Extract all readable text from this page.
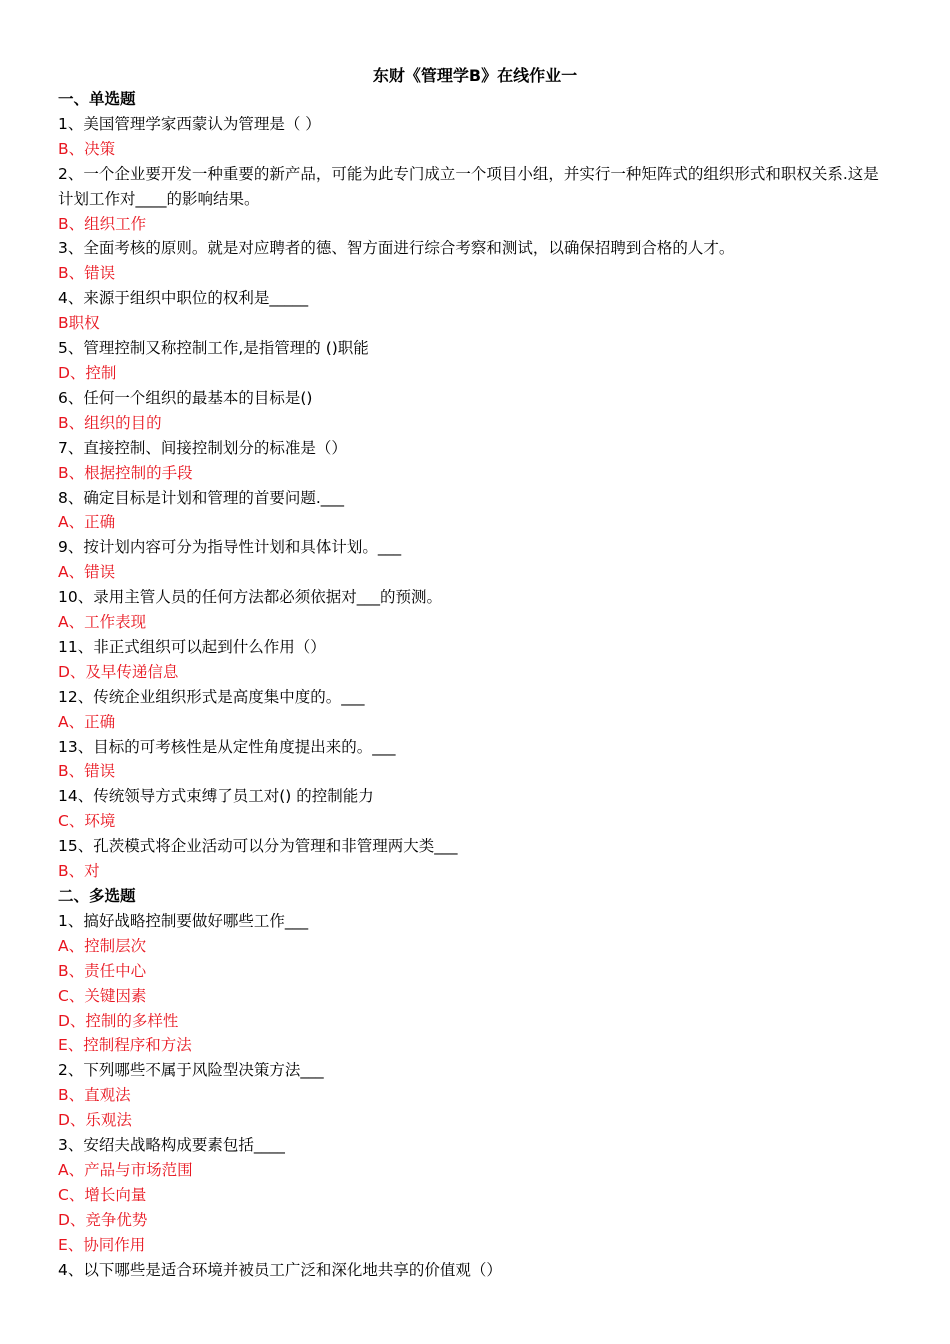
东财《管理学B》在线作业一
一、单选题
1、美国管理学家西蒙认为管理是（ ）
B、决策
2、一个企业要开发一种重要的新产品，可能为此专门成立一个项目小组，并实行一种矩阵式的组织形式和职权关系.这是计划工作对____的影响结果。
B、组织工作
3、全面考核的原则。就是对应聘者的德、智方面进行综合考察和测试，以确保招聘到合格的人才。
B、错误
4、来源于组织中职位的权利是_____
B职权
5、管理控制又称控制工作,是指管理的 ()职能
D、控制
6、任何一个组织的最基本的目标是()
B、组织的目的
7、直接控制、间接控制划分的标准是（）
B、根据控制的手段
8、确定目标是计划和管理的首要问题.___
A、正确
9、按计划内容可分为指导性计划和具体计划。___
A、错误
10、录用主管人员的任何方法都必须依据对___的预测。
A、工作表现
11、非正式组织可以起到什么作用（）
D、及早传递信息
12、传统企业组织形式是高度集中度的。___
A、正确
13、目标的可考核性是从定性角度提出来的。___
B、错误
14、传统领导方式束缚了员工对() 的控制能力
C、环境
15、孔茨模式将企业活动可以分为管理和非管理两大类___
B、对
二、多选题
1、搞好战略控制要做好哪些工作___
A、控制层次
B、责任中心
C、关键因素
D、控制的多样性
E、控制程序和方法
2、下列哪些不属于风险型决策方法___
B、直观法
D、乐观法
3、安绍夫战略构成要素包括____
A、产品与市场范围
C、增长向量
D、竞争优势
E、协同作用
4、以下哪些是适合环境并被员工广泛和深化地共享的价值观（）
